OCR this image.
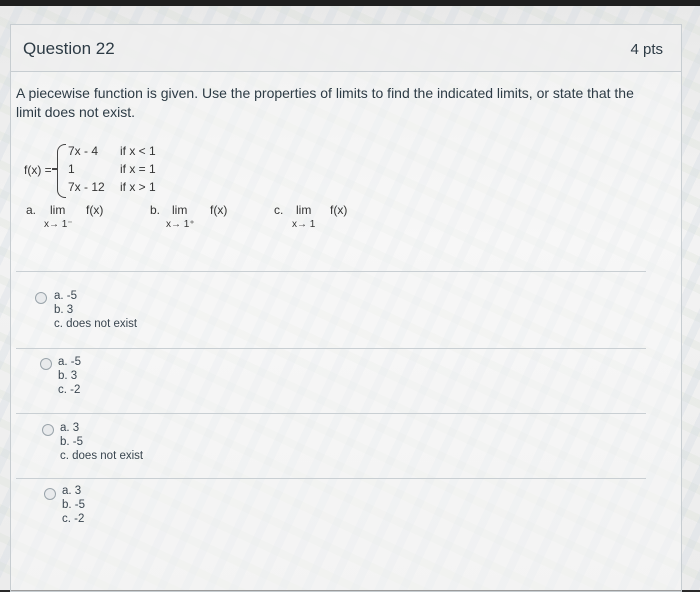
Question 22	4 pts
A piecewise function is given. Use the properties of limits to find the indicated limits, or state that the limit does not exist.
f(x) =
7x - 4 if x < 1
1	if x = 1
7x - 12 if x > 1
a. lim f(x)
x→ 1⁻
b. lim f(x)
x→ 1⁺
c. lim f(x)
x→ 1
a. -5
b. 3
c. does not exist
a. -5
b. 3
c. -2
a. 3
b. -5
c. does not exist
a. 3
b. -5
c. -2
